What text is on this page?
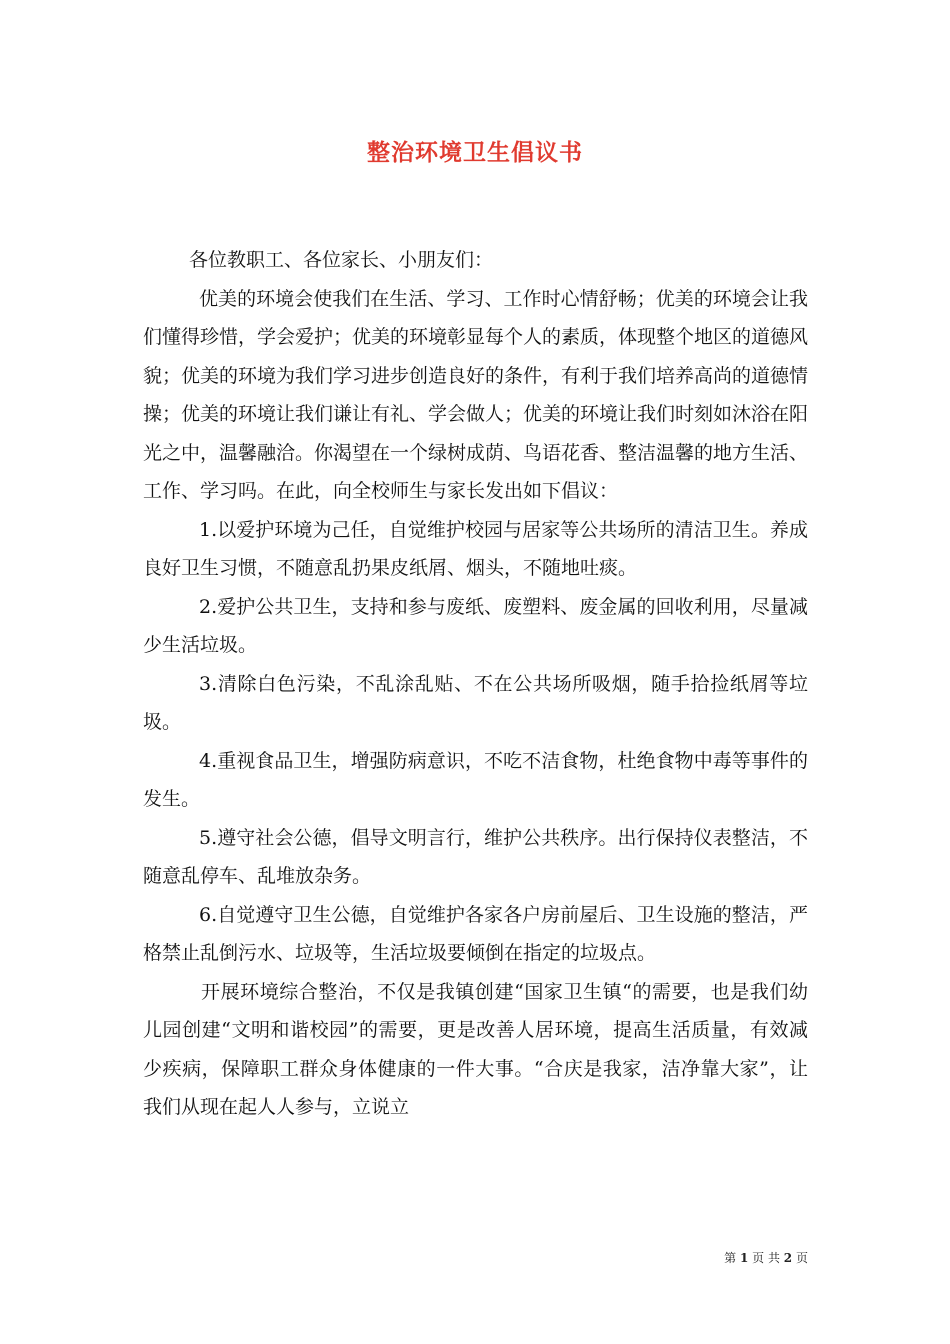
整治环境卫生倡议书

各位教职工、各位家长、小朋友们：

优美的环境会使我们在生活、学习、工作时心情舒畅；优美的环境会让我们懂得珍惜，学会爱护；优美的环境彰显每个人的素质，体现整个地区的道德风貌；优美的环境为我们学习进步创造良好的条件，有利于我们培养高尚的道德情操；优美的环境让我们谦让有礼、学会做人；优美的环境让我们时刻如沐浴在阳光之中，温馨融洽。你渴望在一个绿树成荫、鸟语花香、整洁温馨的地方生活、工作、学习吗。在此，向全校师生与家长发出如下倡议：

1.以爱护环境为己任，自觉维护校园与居家等公共场所的清洁卫生。养成良好卫生习惯，不随意乱扔果皮纸屑、烟头，不随地吐痰。

2.爱护公共卫生，支持和参与废纸、废塑料、废金属的回收利用，尽量减少生活垃圾。

3.清除白色污染，不乱涂乱贴、不在公共场所吸烟，随手拾捡纸屑等垃圾。

4.重视食品卫生，增强防病意识，不吃不洁食物，杜绝食物中毒等事件的发生。

5.遵守社会公德，倡导文明言行，维护公共秩序。出行保持仪表整洁，不随意乱停车、乱堆放杂务。

6.自觉遵守卫生公德，自觉维护各家各户房前屋后、卫生设施的整洁，严格禁止乱倒污水、垃圾等，生活垃圾要倾倒在指定的垃圾点。

开展环境综合整治，不仅是我镇创建“国家卫生镇“的需要，也是我们幼儿园创建“文明和谐校园”的需要，更是改善人居环境，提高生活质量，有效减少疾病，保障职工群众身体健康的一件大事。“合庆是我家，洁净靠大家”，让我们从现在起人人参与，立说立

第 1 页 共 2 页
